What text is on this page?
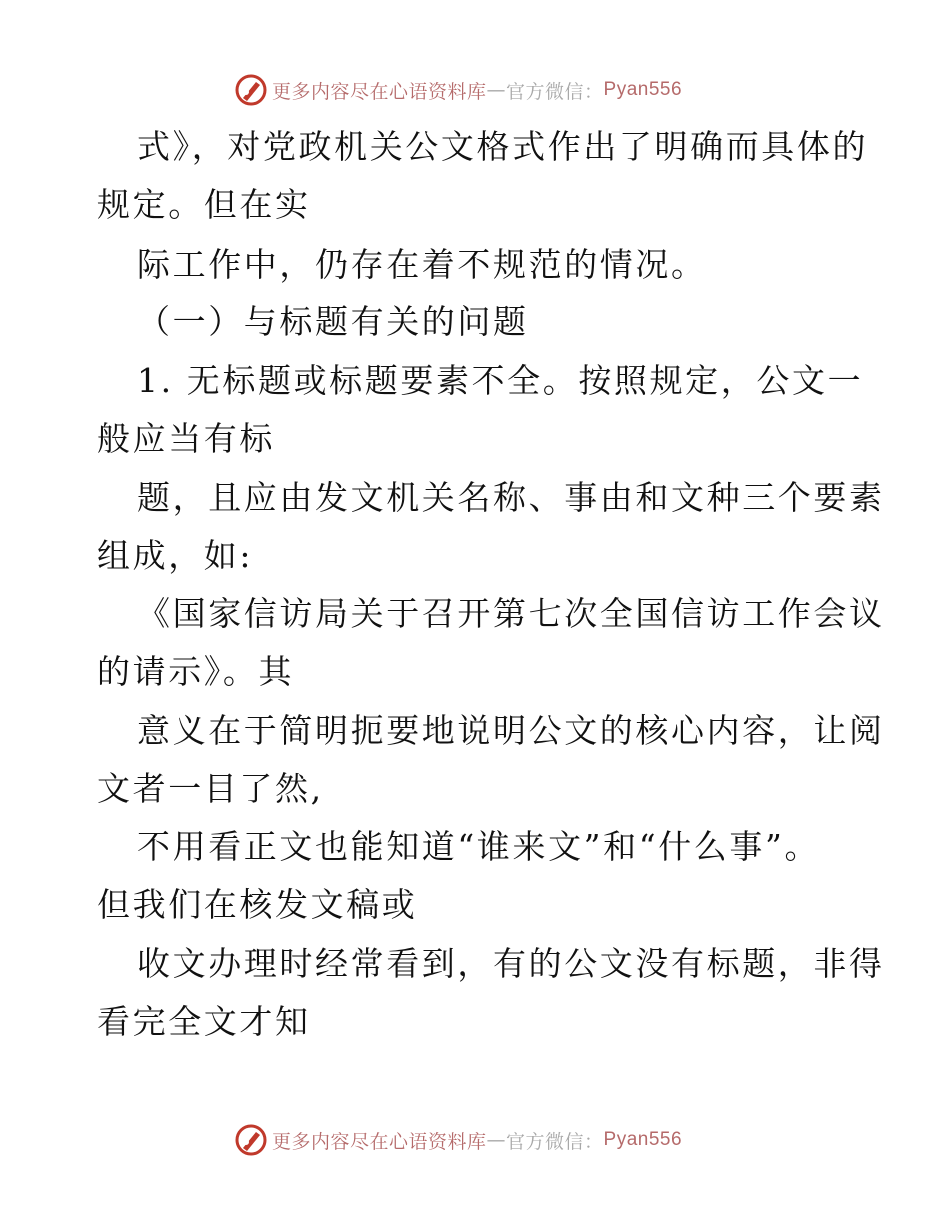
更多内容尽在心语资料库 — 官方微信： Pyan556
式》，对党政机关公文格式作出了明确而具体的
规定。但在实
际工作中，仍存在着不规范的情况。
（一）与标题有关的问题
1. 无标题或标题要素不全。按照规定，公文一
般应当有标
题，且应由发文机关名称、事由和文种三个要素
组成，如:
《国家信访局关于召开第七次全国信访工作会议
的请示》。其
意义在于简明扼要地说明公文的核心内容，让阅
文者一目了然,
不用看正文也能知道“谁来文”和“什么事”。
但我们在核发文稿或
收文办理时经常看到，有的公文没有标题，非得
看完全文才知
更多内容尽在心语资料库 — 官方微信： Pyan556
